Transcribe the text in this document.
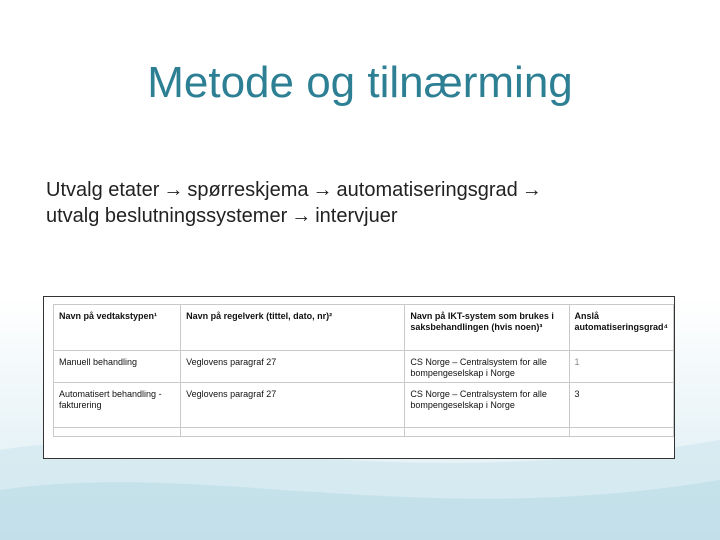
Metode og tilnærming
Utvalg etater → spørreskjema → automatiseringsgrad →
utvalg beslutningssystemer → intervjuer
Navn på vedtakstypen¹	Navn på regelverk (tittel, dato, nr)²	Navn på IKT-system som brukes i saksbehandlingen (hvis noen)³	Anslå automatiseringsgrad⁴
Manuell behandling	Veglovens paragraf 27	CS Norge – Centralsystem for alle bompengeselskap i Norge	1
Automatisert behandling - fakturering	Veglovens paragraf 27	CS Norge – Centralsystem for alle bompengeselskap i Norge	3
